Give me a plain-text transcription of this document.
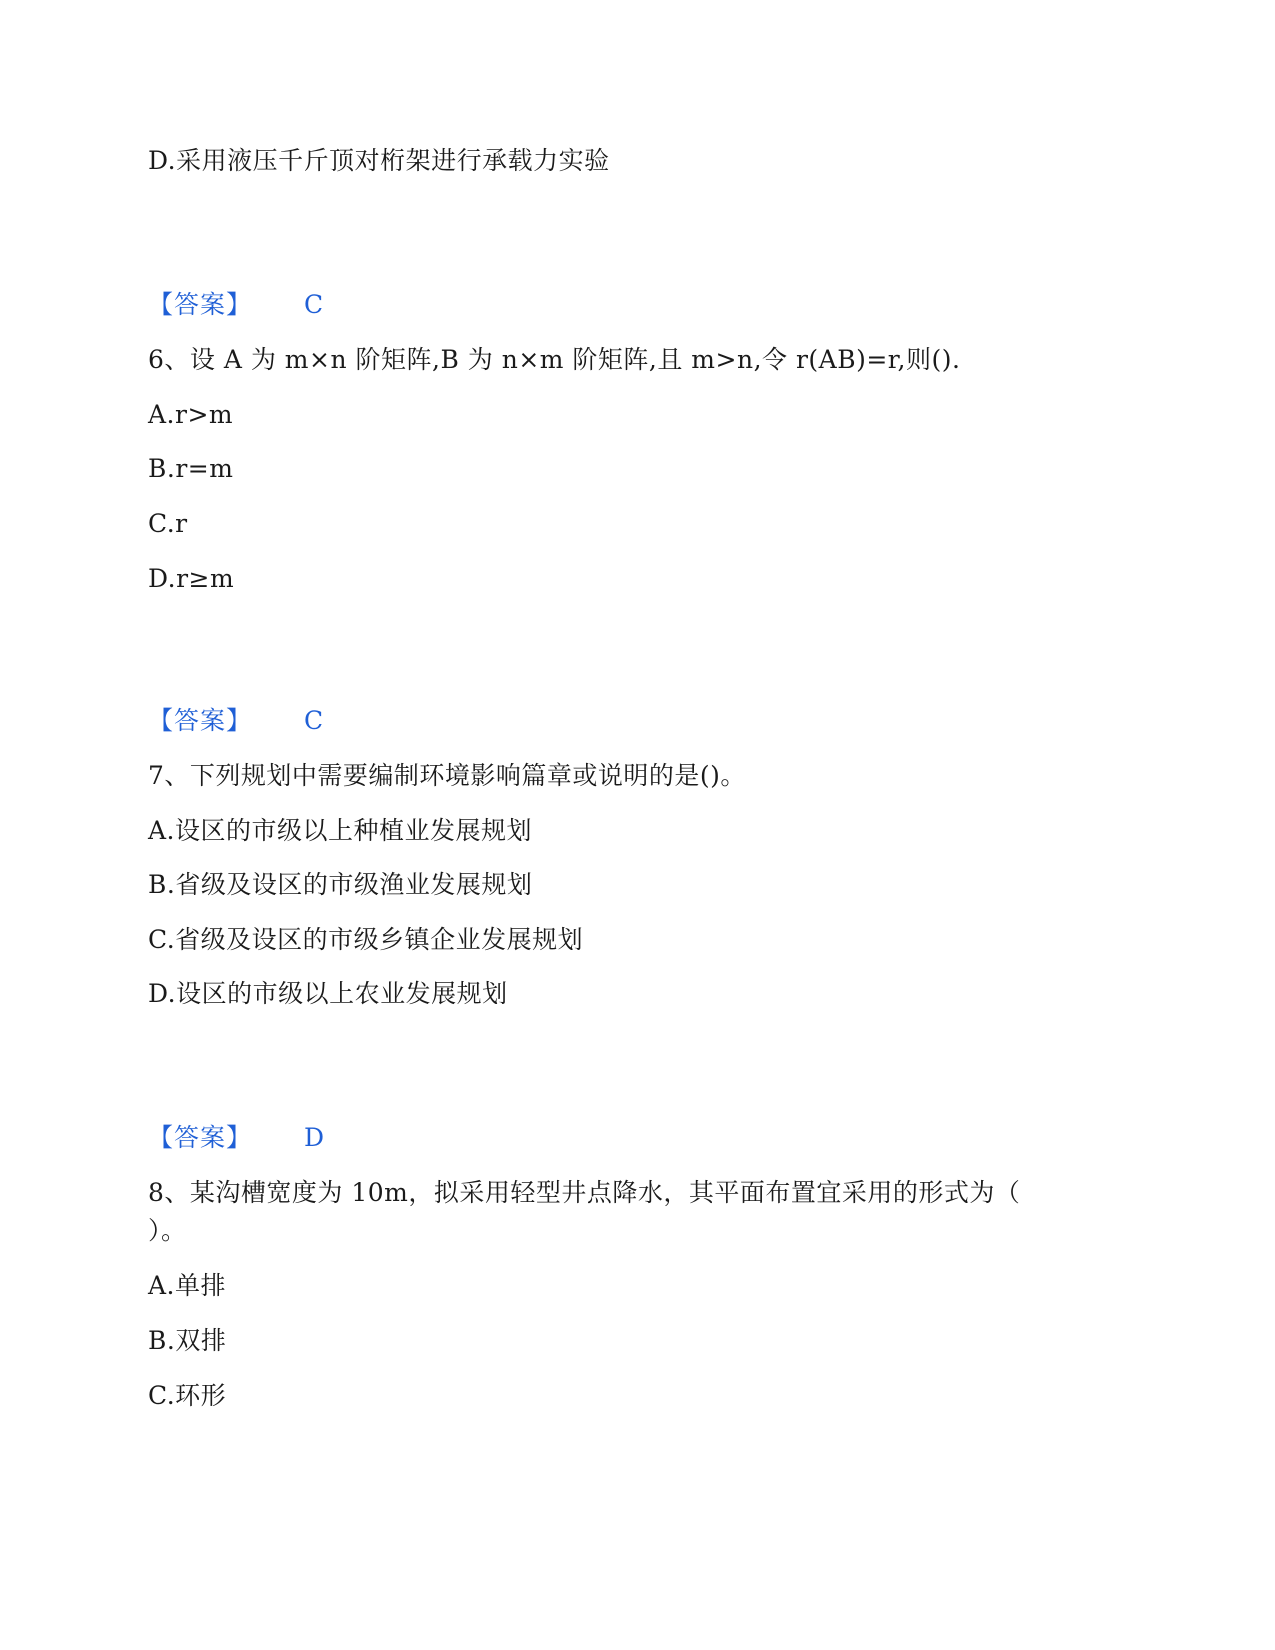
D.采用液压千斤顶对桁架进行承载力实验
【答案】 C
6、设 A 为 m×n 阶矩阵,B 为 n×m 阶矩阵,且 m>n,令 r(AB)=r,则().
A.r>m
B.r=m
C.r
D.r≥m
【答案】 C
7、下列规划中需要编制环境影响篇章或说明的是()。
A.设区的市级以上种植业发展规划
B.省级及设区的市级渔业发展规划
C.省级及设区的市级乡镇企业发展规划
D.设区的市级以上农业发展规划
【答案】 D
8、某沟槽宽度为 10m，拟采用轻型井点降水，其平面布置宜采用的形式为（
）。
A.单排
B.双排
C.环形
